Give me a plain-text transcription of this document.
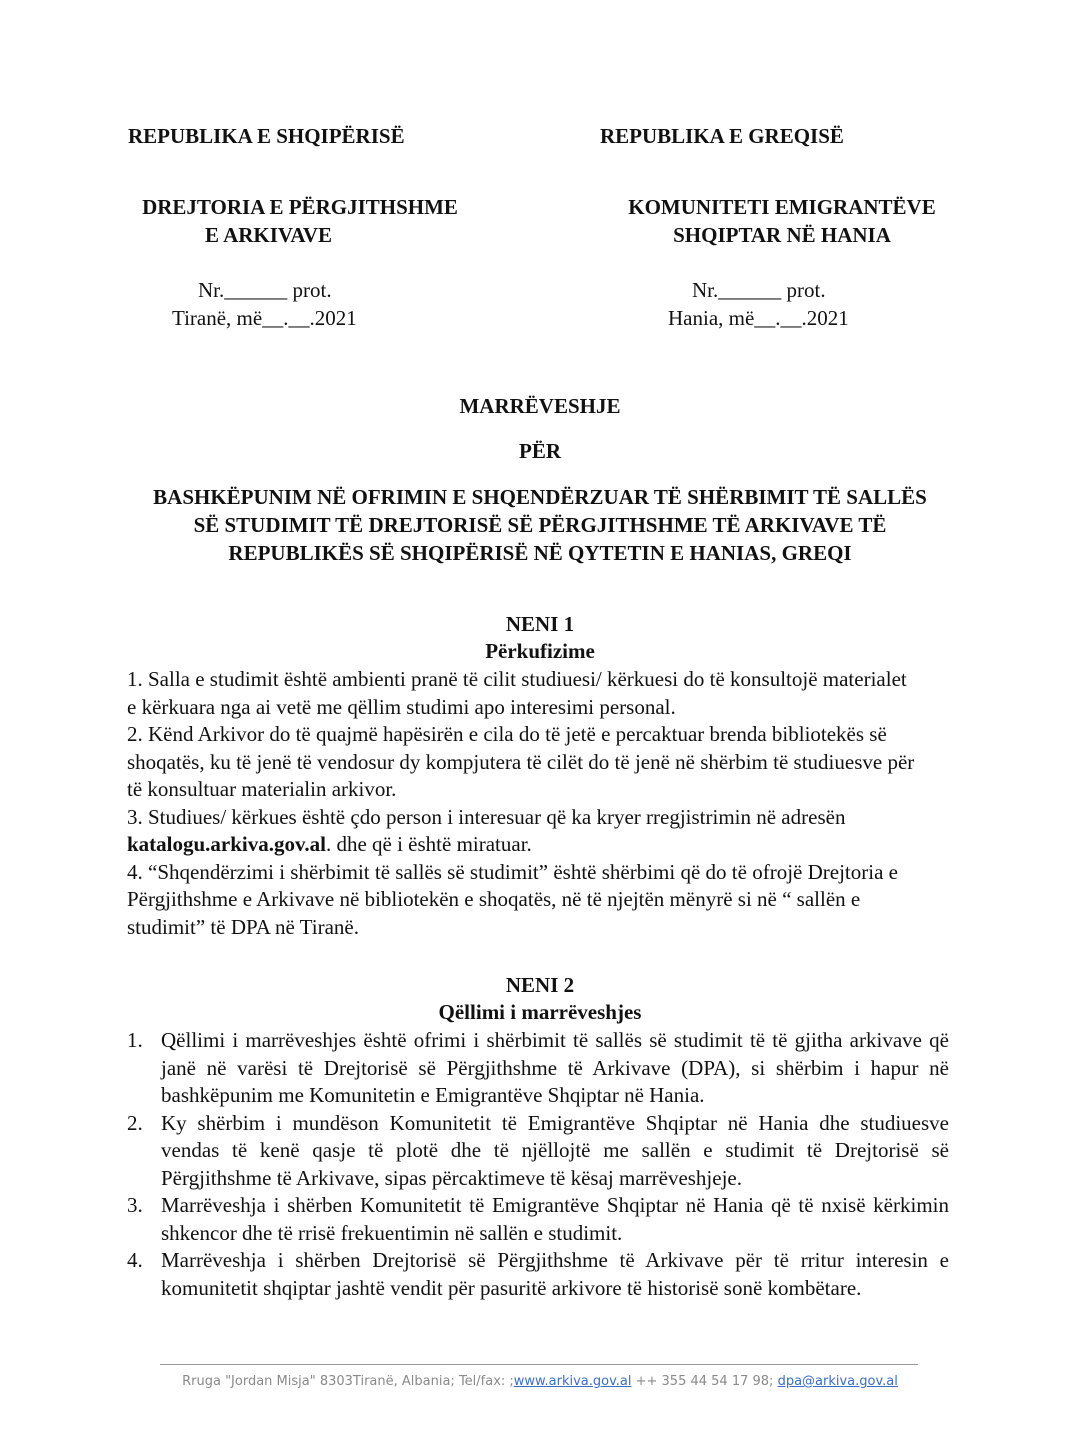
REPUBLIKA E SHQIPËRISË	REPUBLIKA E GREQISË
DREJTORIA E PËRGJITHSHME
E ARKIVAVE
KOMUNITETI EMIGRANTËVE
SHQIPTAR NË HANIA
Nr.______ prot.
Tiranë, më__.__.2021
Nr.______ prot.
Hania, më__.__.2021
MARRËVESHJE
PËR
BASHKËPUNIM NË OFRIMIN E SHQENDËRZUAR TË SHËRBIMIT TË SALLËS
SË STUDIMIT TË DREJTORISË SË PËRGJITHSHME TË ARKIVAVE TË
REPUBLIKËS SË SHQIPËRISË NË QYTETIN E HANIAS, GREQI
NENI 1
Përkufizime

1. Salla e studimit është ambienti pranë të cilit studiuesi/ kërkuesi do të konsultojë materialet

e kërkuara nga ai vetë me qëllim studimi apo interesimi personal.

2. Kënd Arkivor do të quajmë hapësirën e cila do të jetë e percaktuar brenda bibliotekës së

shoqatës, ku të jenë të vendosur dy kompjutera të cilët do të jenë në shërbim të studiuesve për

të konsultuar materialin arkivor.

3. Studiues/ kërkues është çdo person i interesuar që ka kryer rregjistrimin në adresën

katalogu.arkiva.gov.al. dhe që i është miratuar.

4. “Shqendërzimi i shërbimit të sallës së studimit” është shërbimi që do të ofrojë Drejtoria e

Përgjithshme e Arkivave në bibliotekën e shoqatës, në të njejtën mënyrë si në “ sallën e

studimit” të DPA në Tiranë.

NENI 2
Qëllimi i marrëveshjes
1. Qëllimi i marrëveshjes është ofrimi i shërbimit të sallës së studimit të të gjitha arkivave që janë në varësi të Drejtorisë së Përgjithshme të Arkivave (DPA), si shërbim i hapur në bashkëpunim me Komunitetin e Emigrantëve Shqiptar në Hania.
2. Ky shërbim i mundëson Komunitetit të Emigrantëve Shqiptar në Hania dhe studiuesve vendas të kenë qasje të plotë dhe të njëllojtë me sallën e studimit të Drejtorisë së Përgjithshme të Arkivave, sipas përcaktimeve të kësaj marrëveshjeje.
3. Marrëveshja i shërben Komunitetit të Emigrantëve Shqiptar në Hania që të nxisë kërkimin shkencor dhe të rrisë frekuentimin në sallën e studimit.
4. Marrëveshja i shërben Drejtorisë së Përgjithshme të Arkivave për të rritur interesin e komunitetit shqiptar jashtë vendit për pasuritë arkivore të historisë sonë kombëtare.
Rruga "Jordan Misja" 8303Tiranë, Albania; Tel/fax: ;www.arkiva.gov.al ++ 355 44 54 17 98; dpa@arkiva.gov.al
